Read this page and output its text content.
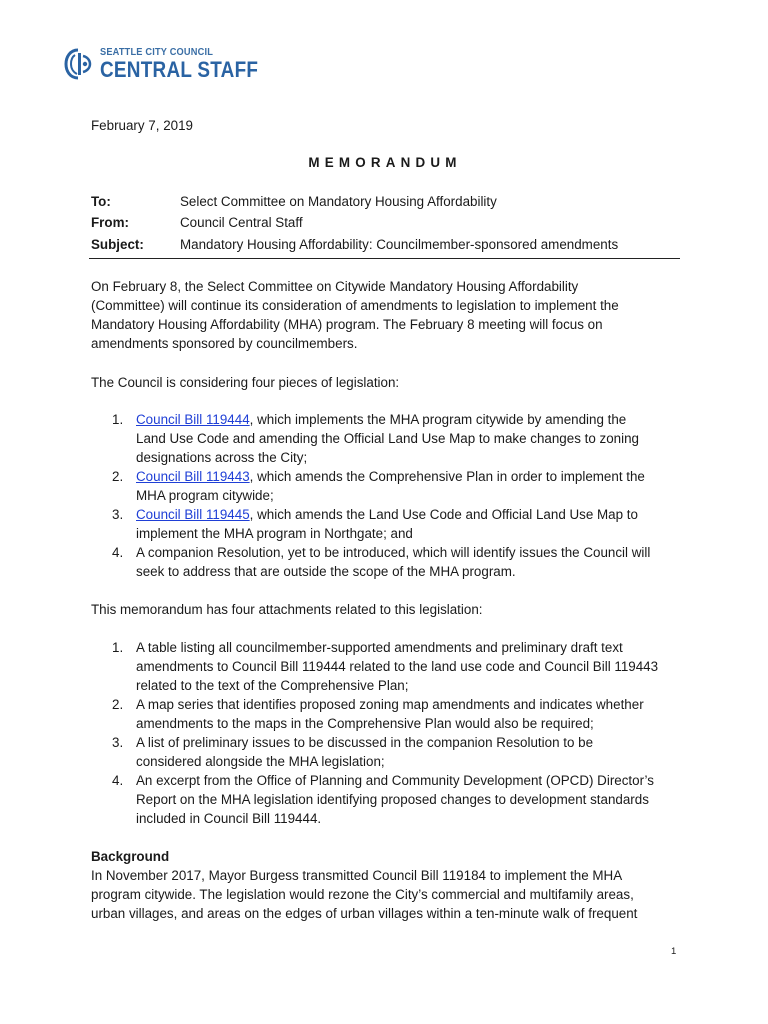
SEATTLE CITY COUNCIL
CENTRAL STAFF
February 7, 2019
MEMORANDUM
To:	Select Committee on Mandatory Housing Affordability
From:	Council Central Staff
Subject:	Mandatory Housing Affordability: Councilmember-sponsored amendments
On February 8, the Select Committee on Citywide Mandatory Housing Affordability
(Committee) will continue its consideration of amendments to legislation to implement the
Mandatory Housing Affordability (MHA) program. The February 8 meeting will focus on
amendments sponsored by councilmembers.
The Council is considering four pieces of legislation:
1. Council Bill 119444, which implements the MHA program citywide by amending the
Land Use Code and amending the Official Land Use Map to make changes to zoning
designations across the City;
2. Council Bill 119443, which amends the Comprehensive Plan in order to implement the
MHA program citywide;
3. Council Bill 119445, which amends the Land Use Code and Official Land Use Map to
implement the MHA program in Northgate; and
4. A companion Resolution, yet to be introduced, which will identify issues the Council will
seek to address that are outside the scope of the MHA program.
This memorandum has four attachments related to this legislation:
1. A table listing all councilmember-supported amendments and preliminary draft text
amendments to Council Bill 119444 related to the land use code and Council Bill 119443
related to the text of the Comprehensive Plan;
2. A map series that identifies proposed zoning map amendments and indicates whether
amendments to the maps in the Comprehensive Plan would also be required;
3. A list of preliminary issues to be discussed in the companion Resolution to be
considered alongside the MHA legislation;
4. An excerpt from the Office of Planning and Community Development (OPCD) Director’s
Report on the MHA legislation identifying proposed changes to development standards
included in Council Bill 119444.
Background
In November 2017, Mayor Burgess transmitted Council Bill 119184 to implement the MHA
program citywide. The legislation would rezone the City’s commercial and multifamily areas,
urban villages, and areas on the edges of urban villages within a ten-minute walk of frequent
1
